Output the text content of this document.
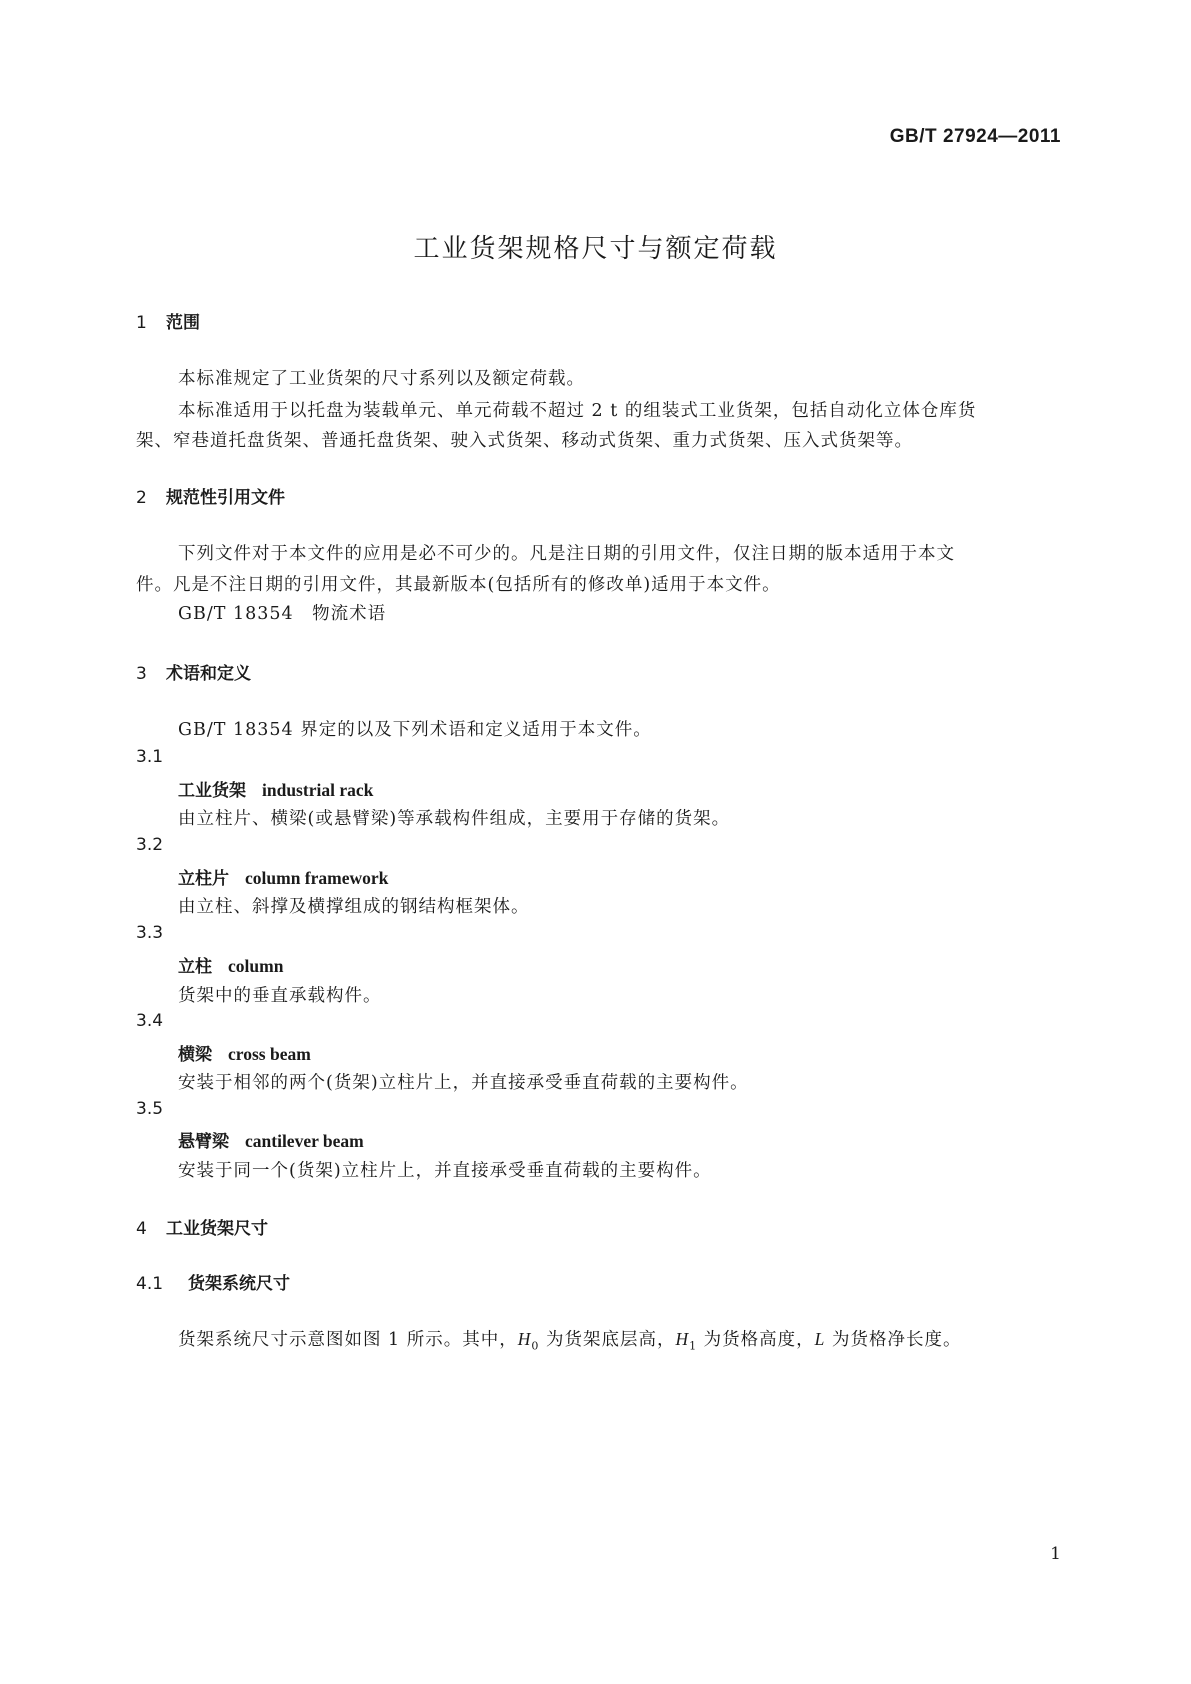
GB/T 27924—2011
工业货架规格尺寸与额定荷载
1 范围
本标准规定了工业货架的尺寸系列以及额定荷载。
本标准适用于以托盘为装载单元、单元荷载不超过 2 t 的组装式工业货架，包括自动化立体仓库货
架、窄巷道托盘货架、普通托盘货架、驶入式货架、移动式货架、重力式货架、压入式货架等。
2 规范性引用文件
下列文件对于本文件的应用是必不可少的。凡是注日期的引用文件，仅注日期的版本适用于本文
件。凡是不注日期的引用文件，其最新版本(包括所有的修改单)适用于本文件。
GB/T 18354　物流术语
3 术语和定义
GB/T 18354 界定的以及下列术语和定义适用于本文件。
3.1
工业货架 industrial rack
由立柱片、横梁(或悬臂梁)等承载构件组成，主要用于存储的货架。
3.2
立柱片 column framework
由立柱、斜撑及横撑组成的钢结构框架体。
3.3
立柱 column
货架中的垂直承载构件。
3.4
横梁 cross beam
安装于相邻的两个(货架)立柱片上，并直接承受垂直荷载的主要构件。
3.5
悬臂梁 cantilever beam
安装于同一个(货架)立柱片上，并直接承受垂直荷载的主要构件。
4 工业货架尺寸
4.1 货架系统尺寸
货架系统尺寸示意图如图 1 所示。其中，$H_0$ 为货架底层高，$H_1$ 为货格高度，L 为货格净长度。
1
